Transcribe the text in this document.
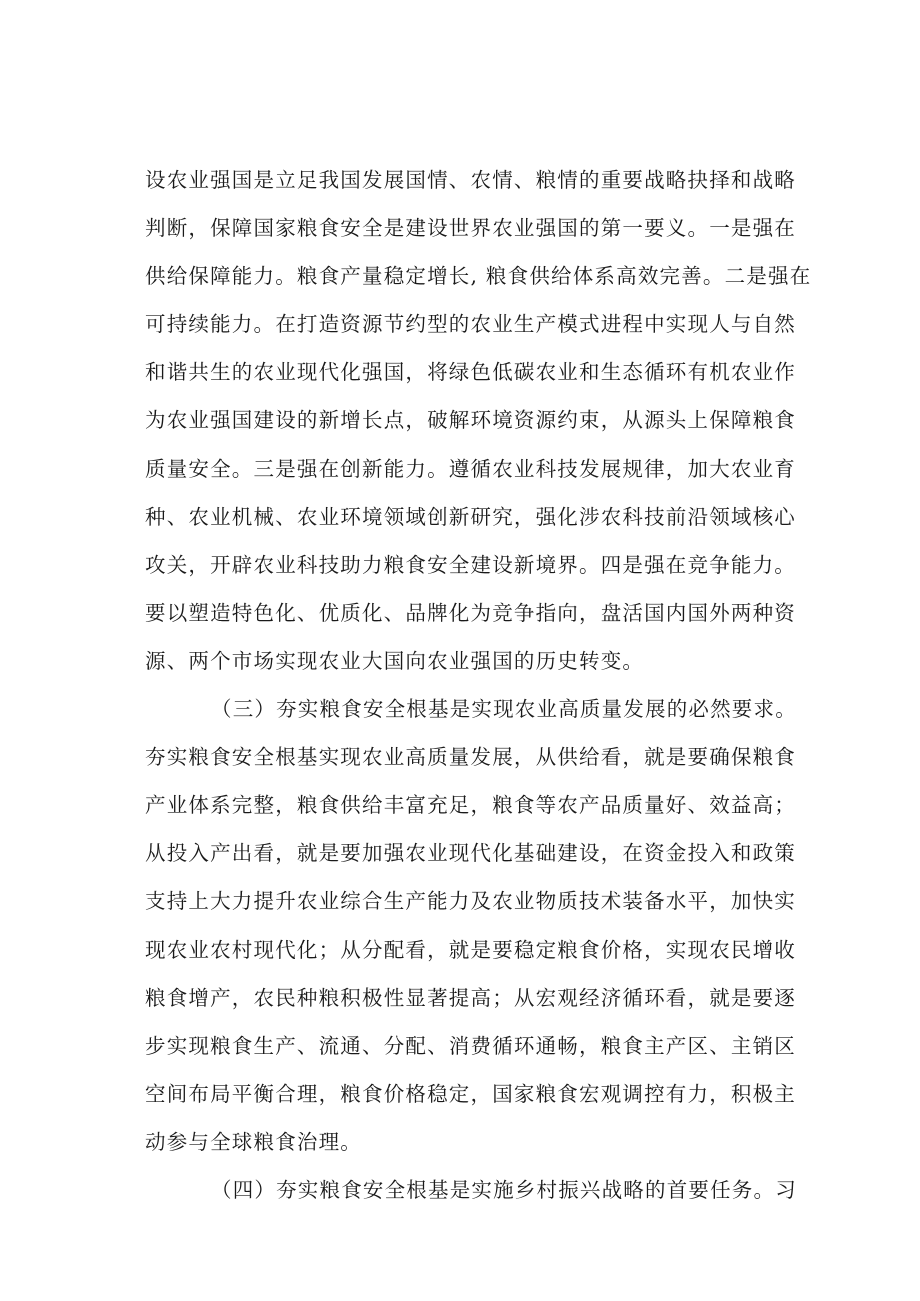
设农业强国是立足我国发展国情、农情、粮情的重要战略抉择和战略
判断，保障国家粮食安全是建设世界农业强国的第一要义。一是强在
供给保障能力。粮食产量稳定增长, 粮食供给体系高效完善。二是强在
可持续能力。在打造资源节约型的农业生产模式进程中实现人与自然
和谐共生的农业现代化强国，将绿色低碳农业和生态循环有机农业作
为农业强国建设的新增长点，破解环境资源约束，从源头上保障粮食
质量安全。三是强在创新能力。遵循农业科技发展规律，加大农业育
种、农业机械、农业环境领域创新研究，强化涉农科技前沿领域核心
攻关，开辟农业科技助力粮食安全建设新境界。四是强在竞争能力。
要以塑造特色化、优质化、品牌化为竞争指向，盘活国内国外两种资
源、两个市场实现农业大国向农业强国的历史转变。
（三）夯实粮食安全根基是实现农业高质量发展的必然要求。
夯实粮食安全根基实现农业高质量发展，从供给看，就是要确保粮食
产业体系完整，粮食供给丰富充足，粮食等农产品质量好、效益高；
从投入产出看，就是要加强农业现代化基础建设，在资金投入和政策
支持上大力提升农业综合生产能力及农业物质技术装备水平，加快实
现农业农村现代化；从分配看，就是要稳定粮食价格，实现农民增收
粮食增产，农民种粮积极性显著提高；从宏观经济循环看，就是要逐
步实现粮食生产、流通、分配、消费循环通畅，粮食主产区、主销区
空间布局平衡合理，粮食价格稳定，国家粮食宏观调控有力，积极主
动参与全球粮食治理。
（四）夯实粮食安全根基是实施乡村振兴战略的首要任务。习
